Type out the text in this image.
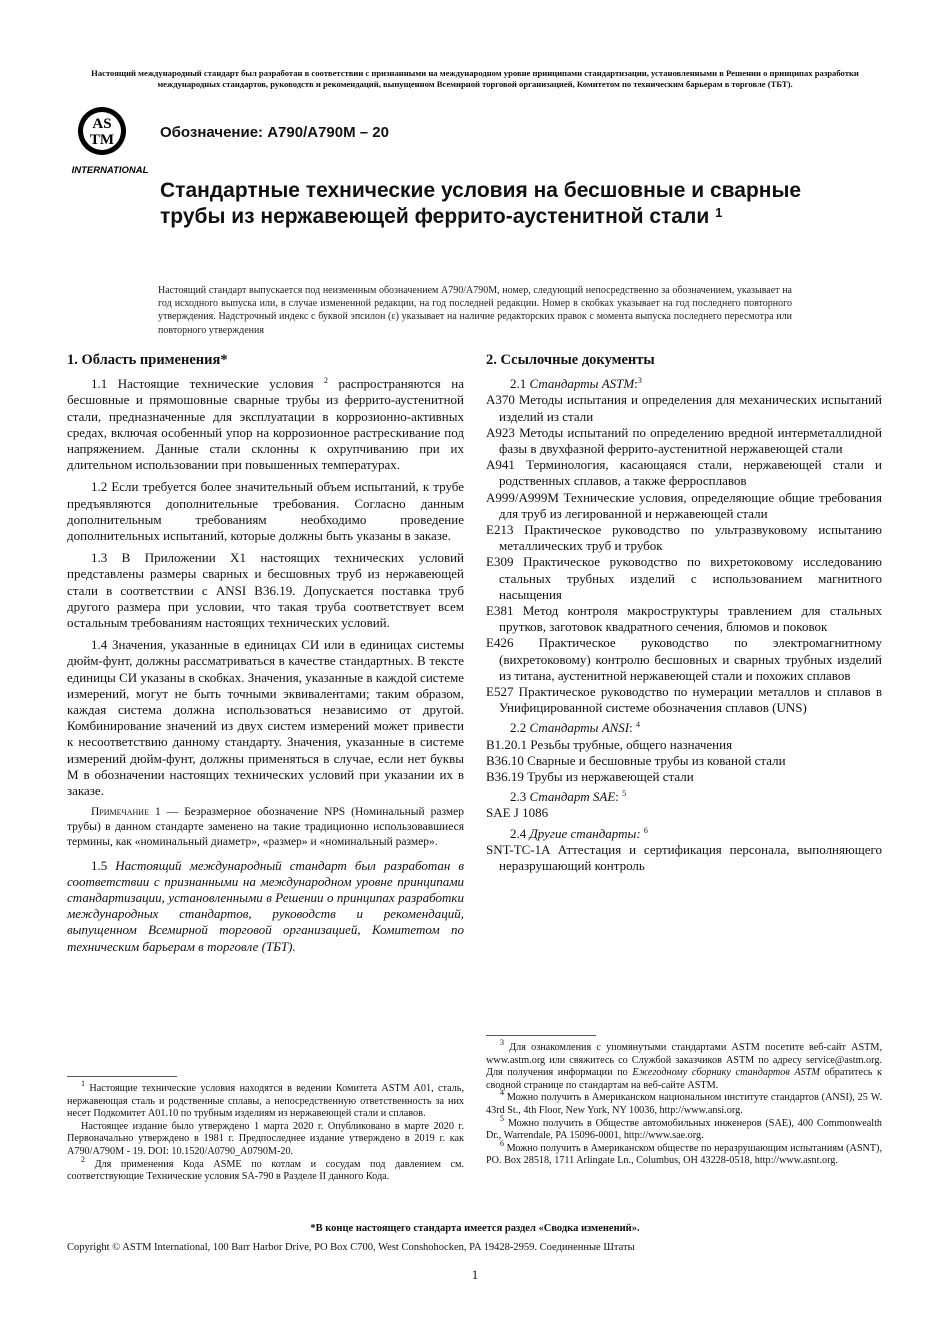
Настоящий международный стандарт был разработан в соответствии с признанными на международном уровне принципами стандартизации, установленными в Решении о принципах разработки международных стандартов, руководств и рекомендаций, выпущенном Всемирной торговой организацией, Комитетом по техническим барьерам в торговле (ТБТ).
AS
TM
INTERNATIONAL
Обозначение: A790/A790M – 20
Стандартные технические условия на бесшовные и сварные трубы из нержавеющей феррито-аустенитной стали $^1$
Настоящий стандарт выпускается под неизменным обозначением A790/A790M, номер, следующий непосредственно за обозначением, указывает на год исходного выпуска или, в случае измененной редакции, на год последней редакции. Номер в скобках указывает на год последнего повторного утверждения. Надстрочный индекс с буквой эпсилон (ε) указывает на наличие редакторских правок с момента выпуска последнего пересмотра или повторного утверждения

1. Область применения*

1.1 Настоящие технические условия $^2$ распространяются на бесшовные и прямошовные сварные трубы из феррито-аустенитной стали, предназначенные для эксплуатации в коррозионно-активных средах, включая особенный упор на коррозионное растрескивание под напряжением. Данные стали склонны к охрупчиванию при их длительном использовании при повышенных температурах.

1.2 Если требуется более значительный объем испытаний, к трубе предъявляются дополнительные требования. Согласно данным дополнительным требованиям необходимо проведение дополнительных испытаний, которые должны быть указаны в заказе.

1.3 В Приложении X1 настоящих технических условий представлены размеры сварных и бесшовных труб из нержавеющей стали в соответствии с ANSI B36.19. Допускается поставка труб другого размера при условии, что такая труба соответствует всем остальным требованиям настоящих технических условий.

1.4 Значения, указанные в единицах СИ или в единицах системы дюйм-фунт, должны рассматриваться в качестве стандартных. В тексте единицы СИ указаны в скобках. Значения, указанные в каждой системе измерений, могут не быть точными эквивалентами; таким образом, каждая система должна использоваться независимо от другой. Комбинирование значений из двух систем измерений может привести к несоответствию данному стандарту. Значения, указанные в системе измерений дюйм-фунт, должны применяться в случае, если нет буквы М в обозначении настоящих технических условий при указании их в заказе.

Примечание 1 — Безразмерное обозначение NPS (Номинальный размер трубы) в данном стандарте заменено на такие традиционно использовавшиеся термины, как «номинальный диаметр», «размер» и «номинальный размер».

1.5 Настоящий международный стандарт был разработан в соответствии с признанными на международном уровне принципами стандартизации, установленными в Решении о принципах разработки международных стандартов, руководств и рекомендаций, выпущенном Всемирной торговой организацией, Комитетом по техническим барьерам в торговле (ТБТ).

2. Ссылочные документы

2.1 Стандарты ASTM:$^3$

A370 Методы испытания и определения для механических испытаний изделий из стали

A923 Методы испытаний по определению вредной интерметаллидной фазы в двухфазной феррито-аустенитной нержавеющей стали

A941 Терминология, касающаяся стали, нержавеющей стали и родственных сплавов, а также ферросплавов

A999/A999M Технические условия, определяющие общие требования для труб из легированной и нержавеющей стали

E213 Практическое руководство по ультразвуковому испытанию металлических труб и трубок

E309 Практическое руководство по вихретоковому исследованию стальных трубных изделий с использованием магнитного насыщения

E381 Метод контроля макроструктуры травлением для стальных прутков, заготовок квадратного сечения, блюмов и поковок

E426 Практическое руководство по электромагнитному (вихретоковому) контролю бесшовных и сварных трубных изделий из титана, аустенитной нержавеющей стали и похожих сплавов

E527 Практическое руководство по нумерации металлов и сплавов в Унифицированной системе обозначения сплавов (UNS)

2.2 Стандарты ANSI: $^4$

B1.20.1 Резьбы трубные, общего назначения

B36.10 Сварные и бесшовные трубы из кованой стали

B36.19 Трубы из нержавеющей стали

2.3 Стандарт SAE: $^5$

SAE J 1086

2.4 Другие стандарты: $^6$

SNT-TC-1A Аттестация и сертификация персонала, выполняющего неразрушающий контроль

$^1$ Настоящие технические условия находятся в ведении Комитета ASTM A01, сталь, нержавеющая сталь и родственные сплавы, а непосредственную ответственность за них несет Подкомитет A01.10 по трубным изделиям из нержавеющей стали и сплавов.

Настоящее издание было утверждено 1 марта 2020 г. Опубликовано в марте 2020 г. Первоначально утверждено в 1981 г. Предпоследнее издание утверждено в 2019 г. как A790/A790M - 19. DOI: 10.1520/A0790_A0790M-20.

$^2$ Для применения Кода ASME по котлам и сосудам под давлением см. соответствующие Технические условия SA-790 в Разделе II данного Кода.

$^3$ Для ознакомления с упомянутыми стандартами ASTM посетите веб-сайт ASTM, www.astm.org или свяжитесь со Службой заказчиков ASTM по адресу service@astm.org. Для получения информации по Ежегодному сборнику стандартов ASTM обратитесь к сводной странице по стандартам на веб-сайте ASTM.

$^4$ Можно получить в Американском национальном институте стандартов (ANSI), 25 W. 43rd St., 4th Floor, New York, NY 10036, http://www.ansi.org.

$^5$ Можно получить в Обществе автомобильных инженеров (SAE), 400 Commonwealth Dr., Warrendale, PA 15096-0001, http://www.sae.org.

$^6$ Можно получить в Американском обществе по неразрушающим испытаниям (ASNT), PO. Box 28518, 1711 Arlingate Ln., Columbus, OH 43228-0518, http://www.asnt.org.

*В конце настоящего стандарта имеется раздел «Сводка изменений».
Copyright © ASTM International, 100 Barr Harbor Drive, PO Box C700, West Conshohocken, PA 19428-2959. Соединенные Штаты
1
